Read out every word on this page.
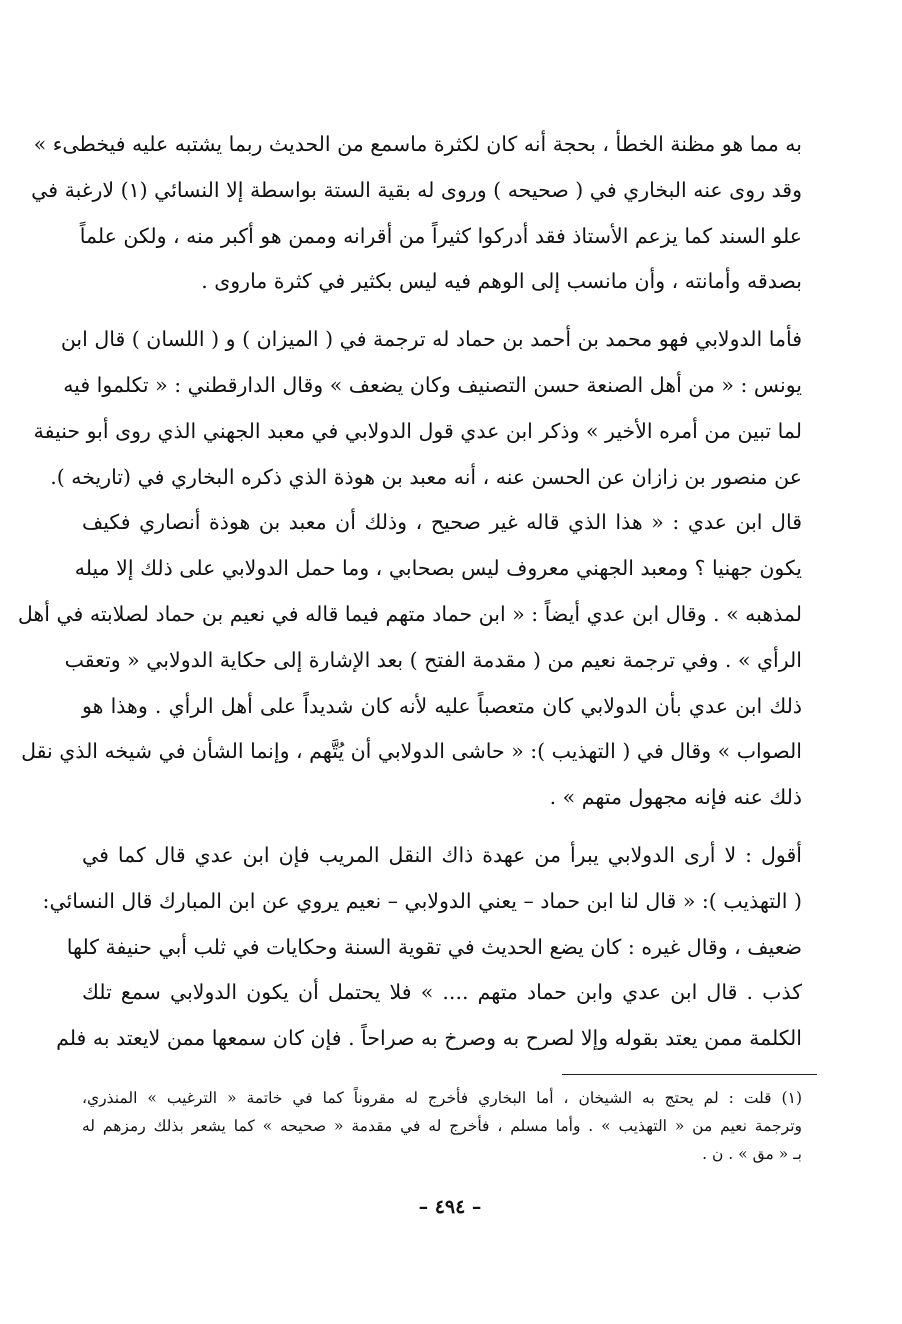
به مما هو مظنة الخطأ ، بحجة أنه كان لكثرة ماسمع من الحديث ربما يشتبه عليه فيخطىء »
وقد روى عنه البخاري في ( صحيحه ) وروى له بقية الستة بواسطة إلا النسائي (١) لارغبة في
علو السند كما يزعم الأستاذ فقد أدركوا كثيراً من أقرانه وممن هو أكبر منه ، ولكن علماً
بصدقه وأمانته ، وأن مانسب إلى الوهم فيه ليس بكثير في كثرة ماروى .
فأما الدولابي فهو محمد بن أحمد بن حماد له ترجمة في ( الميزان ) و ( اللسان ) قال ابن
يونس : « من أهل الصنعة حسن التصنيف وكان يضعف » وقال الدارقطني : « تكلموا فيه
لما تبين من أمره الأخير » وذكر ابن عدي قول الدولابي في معبد الجهني الذي روى أبو حنيفة
عن منصور بن زازان عن الحسن عنه ، أنه معبد بن هوذة الذي ذكره البخاري في (تاريخه ).
قال ابن عدي : « هذا الذي قاله غير صحيح ، وذلك أن معبد بن هوذة أنصاري فكيف
يكون جهنيا ؟ ومعبد الجهني معروف ليس بصحابي ، وما حمل الدولابي على ذلك إلا ميله
لمذهبه » . وقال ابن عدي أيضاً : « ابن حماد متهم فيما قاله في نعيم بن حماد لصلابته في أهل
الرأي » . وفي ترجمة نعيم من ( مقدمة الفتح ) بعد الإشارة إلى حكاية الدولابي « وتعقب
ذلك ابن عدي بأن الدولابي كان متعصباً عليه لأنه كان شديداً على أهل الرأي . وهذا هو
الصواب » وقال في ( التهذيب ): « حاشى الدولابي أن يُتَّهم ، وإنما الشأن في شيخه الذي نقل
ذلك عنه فإنه مجهول متهم » .
أقول : لا أرى الدولابي يبرأ من عهدة ذاك النقل المريب فإن ابن عدي قال كما في
( التهذيب ): « قال لنا ابن حماد – يعني الدولابي – نعيم يروي عن ابن المبارك قال النسائي:
ضعيف ، وقال غيره : كان يضع الحديث في تقوية السنة وحكايات في ثلب أبي حنيفة كلها
كذب . قال ابن عدي وابن حماد متهم .... » فلا يحتمل أن يكون الدولابي سمع تلك
الكلمة ممن يعتد بقوله وإلا لصرح به وصرخ به صراحاً . فإن كان سمعها ممن لايعتد به فلم
(١) قلت : لم يحتج به الشيخان ، أما البخاري فأخرج له مقروناً كما في خاتمة « الترغيب » المنذري،
وترجمة نعيم من « التهذيب » . وأما مسلم ، فأخرج له في مقدمة « صحيحه » كما يشعر بذلك رمزهم له
بـ « مق » . ن .
– ٤٩٤ –
